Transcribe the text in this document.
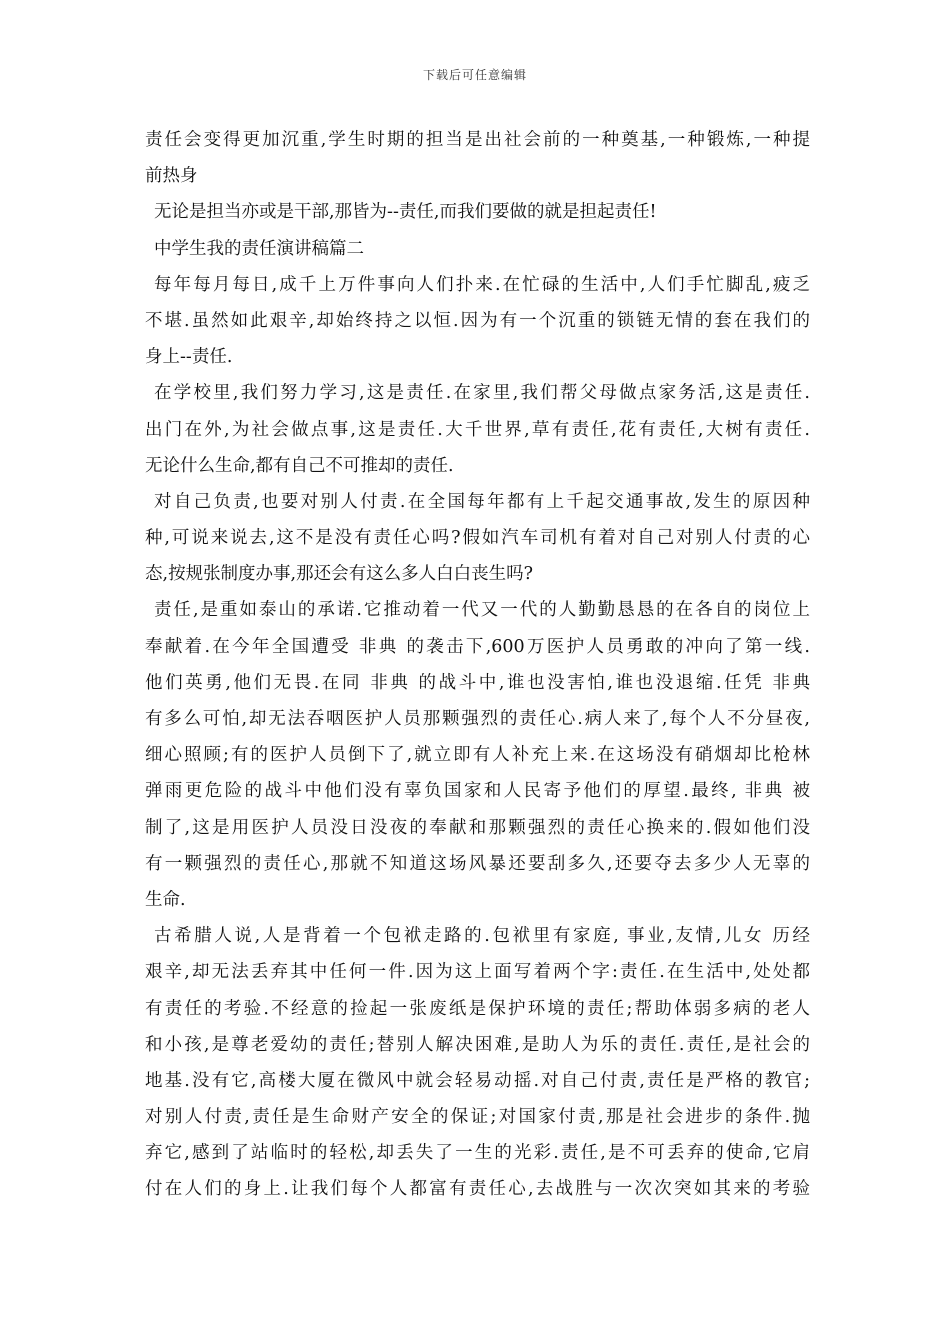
下载后可任意编辑
责任会变得更加沉重,学生时期的担当是出社会前的一种奠基,一种锻炼,一种提
前热身
无论是担当亦或是干部,那皆为--责任,而我们要做的就是担起责任!
中学生我的责任演讲稿篇二
每年每月每日,成千上万件事向人们扑来.在忙碌的生活中,人们手忙脚乱,疲乏
不堪.虽然如此艰辛,却始终持之以恒.因为有一个沉重的锁链无情的套在我们的
身上--责任.
在学校里,我们努力学习,这是责任.在家里,我们帮父母做点家务活,这是责任.
出门在外,为社会做点事,这是责任.大千世界,草有责任,花有责任,大树有责任.
无论什么生命,都有自己不可推却的责任.
对自己负责,也要对别人付责.在全国每年都有上千起交通事故,发生的原因种
种,可说来说去,这不是没有责任心吗?假如汽车司机有着对自己对别人付责的心
态,按规张制度办事,那还会有这么多人白白丧生吗?
责任,是重如泰山的承诺.它推动着一代又一代的人勤勤恳恳的在各自的岗位上
奉献着.在今年全国遭受 非典 的袭击下,600万医护人员勇敢的冲向了第一线.
他们英勇,他们无畏.在同 非典 的战斗中,谁也没害怕,谁也没退缩.任凭 非典
有多么可怕,却无法吞咽医护人员那颗强烈的责任心.病人来了,每个人不分昼夜,
细心照顾;有的医护人员倒下了,就立即有人补充上来.在这场没有硝烟却比枪林
弹雨更危险的战斗中他们没有辜负国家和人民寄予他们的厚望.最终, 非典 被
制了,这是用医护人员没日没夜的奉献和那颗强烈的责任心换来的.假如他们没
有一颗强烈的责任心,那就不知道这场风暴还要刮多久,还要夺去多少人无辜的
生命.
古希腊人说,人是背着一个包袱走路的.包袱里有家庭, 事业,友情,儿女 历经
艰辛,却无法丢弃其中任何一件.因为这上面写着两个字:责任.在生活中,处处都
有责任的考验.不经意的捡起一张废纸是保护环境的责任;帮助体弱多病的老人
和小孩,是尊老爱幼的责任;替别人解决困难,是助人为乐的责任.责任,是社会的
地基.没有它,高楼大厦在微风中就会轻易动摇.对自己付责,责任是严格的教官;
对别人付责,责任是生命财产安全的保证;对国家付责,那是社会进步的条件.抛
弃它,感到了站临时的轻松,却丢失了一生的光彩.责任,是不可丢弃的使命,它肩
付在人们的身上.让我们每个人都富有责任心,去战胜与一次次突如其来的考验
